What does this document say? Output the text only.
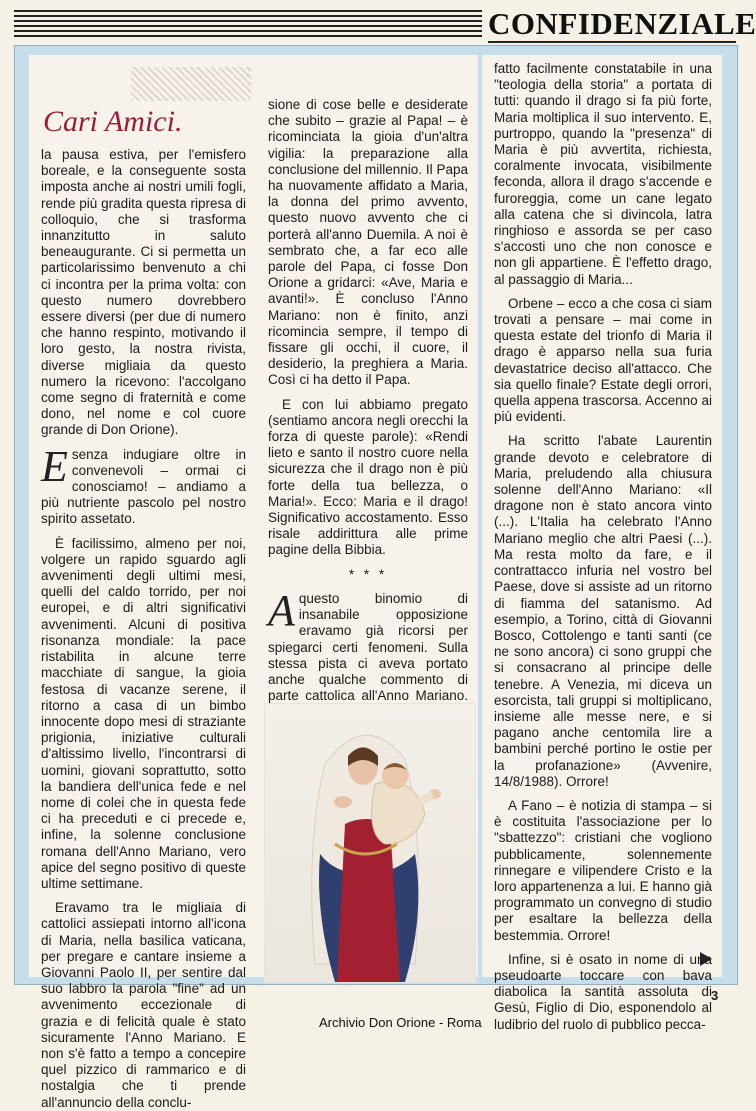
CONFIDENZIALE
Cari Amici.

la pausa estiva, per l'emisfero boreale, e la conseguente sosta imposta anche ai nostri umili fogli, rende più gradita questa ripresa di colloquio, che si trasforma innanzitutto in saluto beneaugurante. Ci si permetta un particolarissimo benvenuto a chi ci incontra per la prima volta: con questo numero dovrebbero essere diversi (per due di numero che hanno respinto, motivando il loro gesto, la nostra rivista, diverse migliaia da questo numero la ricevono: l'accolgano come segno di fraternità e come dono, nel nome e col cuore grande di Don Orione).

Esenza indugiare oltre in convenevoli – ormai ci conosciamo! – andiamo a più nutriente pascolo pel nostro spirito assetato.

È facilissimo, almeno per noi, volgere un rapido sguardo agli avvenimenti degli ultimi mesi, quelli del caldo torrido, per noi europei, e di altri significativi avvenimenti. Alcuni di positiva risonanza mondiale: la pace ristabilita in alcune terre macchiate di sangue, la gioia festosa di vacanze serene, il ritorno a casa di un bimbo innocente dopo mesi di straziante prigionia, iniziative culturali d'altissimo livello, l'incontrarsi di uomini, giovani soprattutto, sotto la bandiera dell'unica fede e nel nome di colei che in questa fede ci ha preceduti e ci precede e, infine, la solenne conclusione romana dell'Anno Mariano, vero apice del segno positivo di queste ultime settimane.

Eravamo tra le migliaia di cattolici assiepati intorno all'icona di Maria, nella basilica vaticana, per pregare e cantare insieme a Giovanni Paolo II, per sentire dal suo labbro la parola "fine" ad un avvenimento eccezionale di grazia e di felicità quale è stato sicuramente l'Anno Mariano. E non s'è fatto a tempo a concepire quel pizzico di rammarico e di nostalgia che ti prende all'annuncio della conclu-

sione di cose belle e desiderate che subito – grazie al Papa! – è ricominciata la gioia d'un'altra vigilia: la preparazione alla conclusione del millennio. Il Papa ha nuovamente affidato a Maria, la donna del primo avvento, questo nuovo avvento che ci porterà all'anno Duemila. A noi è sembrato che, a far eco alle parole del Papa, ci fosse Don Orione a gridarci: «Ave, Maria e avanti!». È concluso l'Anno Mariano: non è finito, anzi ricomincia sempre, il tempo di fissare gli occhi, il cuore, il desiderio, la preghiera a Maria. Così ci ha detto il Papa.

E con lui abbiamo pregato (sentiamo ancora negli orecchi la forza di queste parole): «Rendi lieto e santo il nostro cuore nella sicurezza che il drago non è più forte della tua bellezza, o Maria!». Ecco: Maria e il drago! Significativo accostamento. Esso risale addirittura alle prime pagine della Bibbia.

* * *

Aquesto binomio di insanabile opposizione eravamo già ricorsi per spiegarci certi fenomeni. Sulla stessa pista ci aveva portato anche qualche commento di parte cattolica all'Anno Mariano.

fatto facilmente constatabile in una "teologia della storia" a portata di tutti: quando il drago si fa più forte, Maria moltiplica il suo intervento. E, purtroppo, quando la "presenza" di Maria è più avvertita, richiesta, coralmente invocata, visibilmente feconda, allora il drago s'accende e furoreggia, come un cane legato alla catena che si divincola, latra ringhioso e assorda se per caso s'accosti uno che non conosce e non gli appartiene. È l'effetto drago, al passaggio di Maria...

Orbene – ecco a che cosa ci siam trovati a pensare – mai come in questa estate del trionfo di Maria il drago è apparso nella sua furia devastatrice deciso all'attacco. Che sia quello finale? Estate degli orrori, quella appena trascorsa. Accenno ai più evidenti.

Ha scritto l'abate Laurentin grande devoto e celebratore di Maria, preludendo alla chiusura solenne dell'Anno Mariano: «Il dragone non è stato ancora vinto (...). L'Italia ha celebrato l'Anno Mariano meglio che altri Paesi (...). Ma resta molto da fare, e il contrattacco infuria nel vostro bel Paese, dove si assiste ad un ritorno di fiamma del satanismo. Ad esempio, a Torino, città di Giovanni Bosco, Cottolengo e tanti santi (ce ne sono ancora) ci sono gruppi che si consacrano al principe delle tenebre. A Venezia, mi diceva un esorcista, tali gruppi si moltiplicano, insieme alle messe nere, e si pagano anche centomila lire a bambini perché portino le ostie per la profanazione» (Avvenire, 14/8/1988). Orrore!

A Fano – è notizia di stampa – si è costituita l'associazione per lo "sbattezzo": cristiani che vogliono pubblicamente, solennemente rinnegare e vilipendere Cristo e la loro appartenenza a lui. E hanno già programmato un convegno di studio per esaltare la bellezza della bestemmia. Orrore!

Infine, si è osato in nome di una pseudoarte toccare con bava diabolica la santità assoluta di Gesù, Figlio di Dio, esponendolo al ludibrio del ruolo di pubblico pecca-

3
Archivio Don Orione - Roma
